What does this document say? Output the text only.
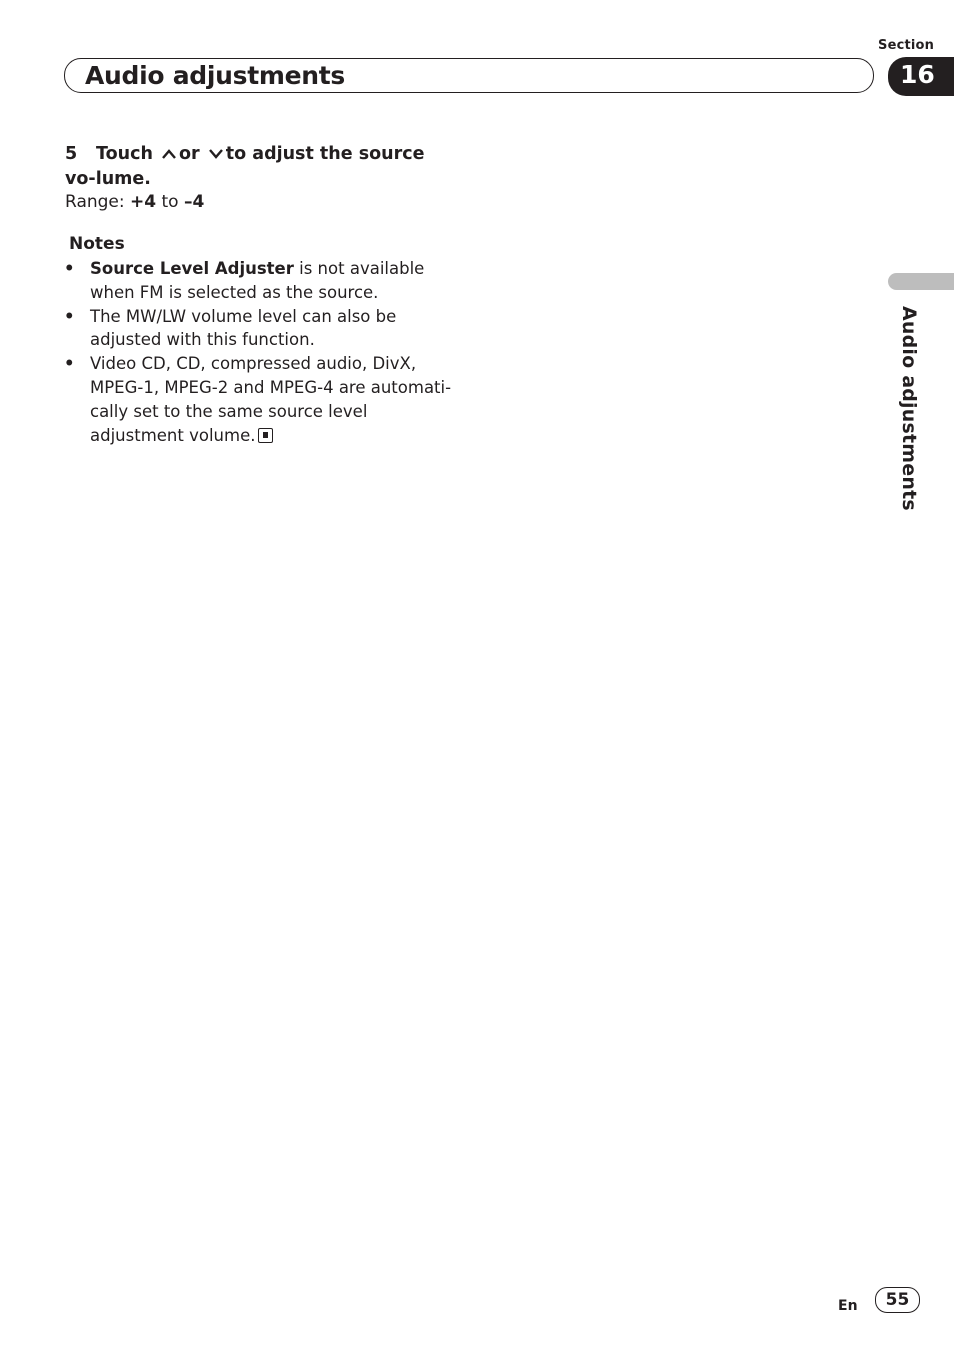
Section
Audio adjustments	16
Audio adjustments
5 Touch or to adjust the source vo-lume.
Range: +4 to –4
Notes
• Source Level Adjuster is not available when FM is selected as the source.
• The MW/LW volume level can also be adjusted with this function.
• Video CD, CD, compressed audio, DivX, MPEG-1, MPEG-2 and MPEG-4 are automati-cally set to the same source level adjustment volume.
En	55
